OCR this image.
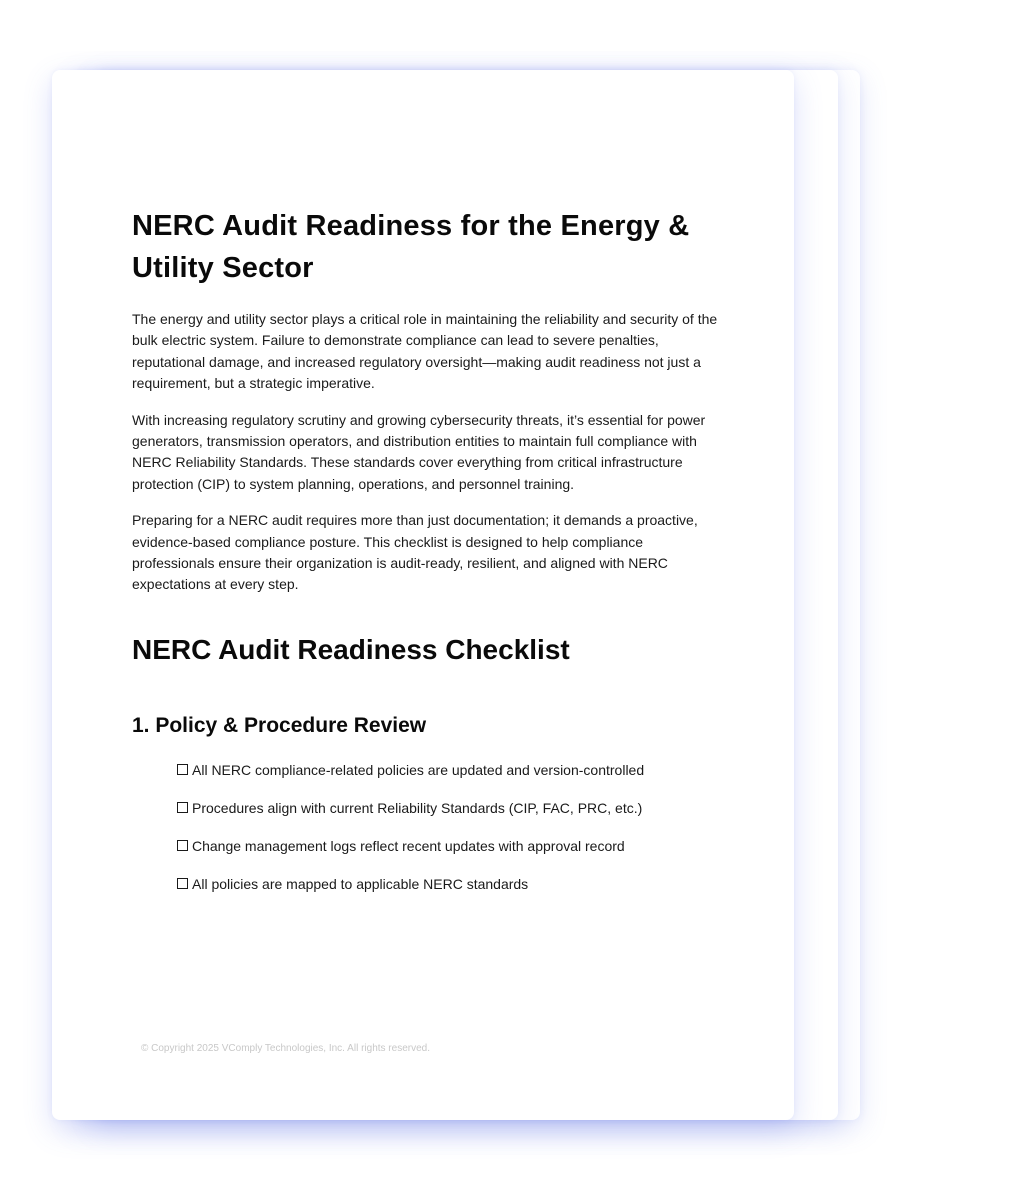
NERC Audit Readiness for the Energy & Utility Sector

The energy and utility sector plays a critical role in maintaining the reliability and security of the bulk electric system. Failure to demonstrate compliance can lead to severe penalties, reputational damage, and increased regulatory oversight—making audit readiness not just a requirement, but a strategic imperative.

With increasing regulatory scrutiny and growing cybersecurity threats, it’s essential for power generators, transmission operators, and distribution entities to maintain full compliance with NERC Reliability Standards. These standards cover everything from critical infrastructure protection (CIP) to system planning, operations, and personnel training.

Preparing for a NERC audit requires more than just documentation; it demands a proactive, evidence-based compliance posture. This checklist is designed to help compliance professionals ensure their organization is audit-ready, resilient, and aligned with NERC expectations at every step.

NERC Audit Readiness Checklist
1. Policy & Procedure Review
All NERC compliance-related policies are updated and version-controlled
Procedures align with current Reliability Standards (CIP, FAC, PRC, etc.)
Change management logs reflect recent updates with approval record
All policies are mapped to applicable NERC standards
© Copyright 2025 VComply Technologies, Inc. All rights reserved.
